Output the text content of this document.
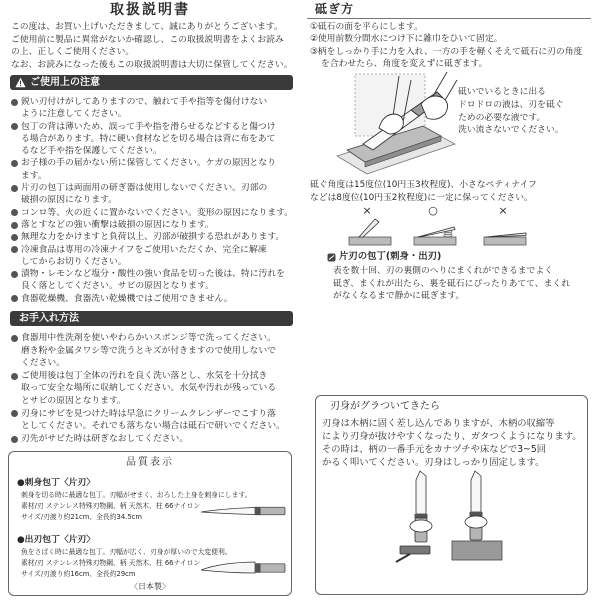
取扱説明書
この度は、お買い上げいただきまして、誠にありがとうございます。
ご使用前に製品に異常がないか確認し、この取扱説明書をよくお読み
の上、正しくご使用ください。
なお、お読みになった後もこの取扱説明書は大切に保管してください。
ご使用上の注意
鋭い刃付けがしてありますので、触れて手や指等を傷付けない
ように注意してください。
包丁の背は薄いため、誤って手や指を滑らせるなどすると傷つけ
る場合があります。特に硬い食材などを切る場合は背に布をあて
るなど手や指を保護してください。
お子様の手の届かない所に保管してください。ケガの原因となり
ます。
片刃の包丁は両面用の研ぎ器は使用しないでください。刃部の
破損の原因になります。
コンロ等、火の近くに置かないでください。変形の原因になります。
落とすなどの強い衝撃は破損の原因になります。
無理な力をかけますと負荷以上、刃部が破損する恐れがあります。
冷凍食品は専用の冷凍ナイフをご使用いただくか、完全に解凍
してからお切りください。
漬物・レモンなど塩分・酸性の強い食品を切った後は、特に汚れを
良く落としてください。サビの原因となります。
食器乾燥機、食器洗い乾燥機ではご使用できません。
お手入れ方法
食器用中性洗剤を使いやわらかいスポンジ等で洗ってください。
磨き粉や金属タワシ等で洗うとキズが付きますので使用しないで
ください。
ご使用後は包丁全体の汚れを良く洗い落とし、水気を十分拭き
取って安全な場所に収納してください。水気や汚れが残っている
とサビの原因となります。
刃身にサビを見つけた時は早急にクリームクレンザーでこすり落
としてください。それでも落ちない場合は砥石で研いでください。
刃先がサビた時は研ぎなおしてください。
品質表示
●刺身包丁〈片刃〉
刺身を切る時に最適な包丁。刃幅がせまく、おろした上身を刺身にします。
素材/刃 ステンレス特殊刃物鋼、柄 天然木、柱 66ナイロン
サイズ/刃渡り約21cm、全長約34.5cm
●出刃包丁〈片刃〉
魚をさばく時に最適な包丁。刃幅が広く、刃身が厚いので大変便利。
素材/刃 ステンレス特殊刃物鋼、柄 天然木、柱 66ナイロン
サイズ/刃渡り約16cm、全長約29cm
〈日本製〉
砥ぎ方
①砥石の面を平らにします。
②使用前数分間水につけ下に雑巾をひいて固定。
③柄をしっかり手に力を入れ、一方の手を軽くそえて砥石に刃の角度
を合わせたら、角度を変えずに砥ぎます。
砥いでいるときに出る
ドロドロの液は、刃を砥ぐ
ための必要な液です。
洗い流さないでください。
砥ぐ角度は15度位(10円玉3枚程度)、小さなペティナイフ
などは8度位(10円玉2枚程度)に一定に保ってください。
×	○	×
片刃の包丁(刺身・出刃)
表を数十回、刃の裏側のへりにまくれができるまでよく
砥ぎ、まくれが出たら、裏を砥石にぴったりあてて、まくれ
がなくなるまで静かに砥ぎます。
刃身がグラついてきたら
刃身は木柄に固く差し込んでありますが、木柄の収縮等
により刃身が抜けやすくなったり、ガタつくようになります。
その時は、柄の一番手元をカナヅチや床などで3~5回
かるく叩いてください。刃身はしっかり固定します。
